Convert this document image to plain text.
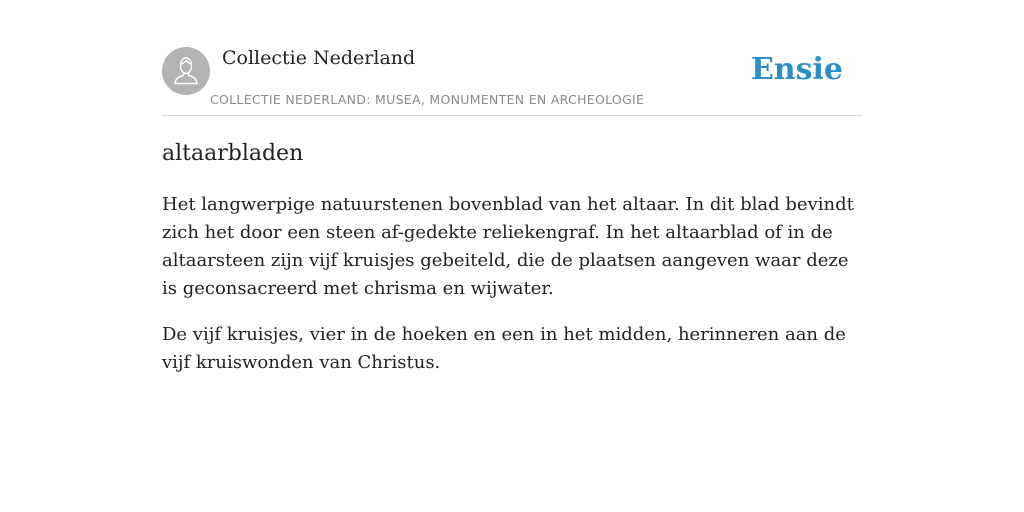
Collectie Nederland
COLLECTIE NEDERLAND: MUSEA, MONUMENTEN EN ARCHEOLOGIE
Ensie
altaarbladen

Het langwerpige natuurstenen bovenblad van het altaar. In dit blad bevindt zich het door een steen af-gedekte reliekengraf. In het altaarblad of in de altaarsteen zijn vijf kruisjes gebeiteld, die de plaatsen aangeven waar deze is geconsacreerd met chrisma en wijwater.

De vijf kruisjes, vier in de hoeken en een in het midden, herinneren aan de vijf kruiswonden van Christus.
